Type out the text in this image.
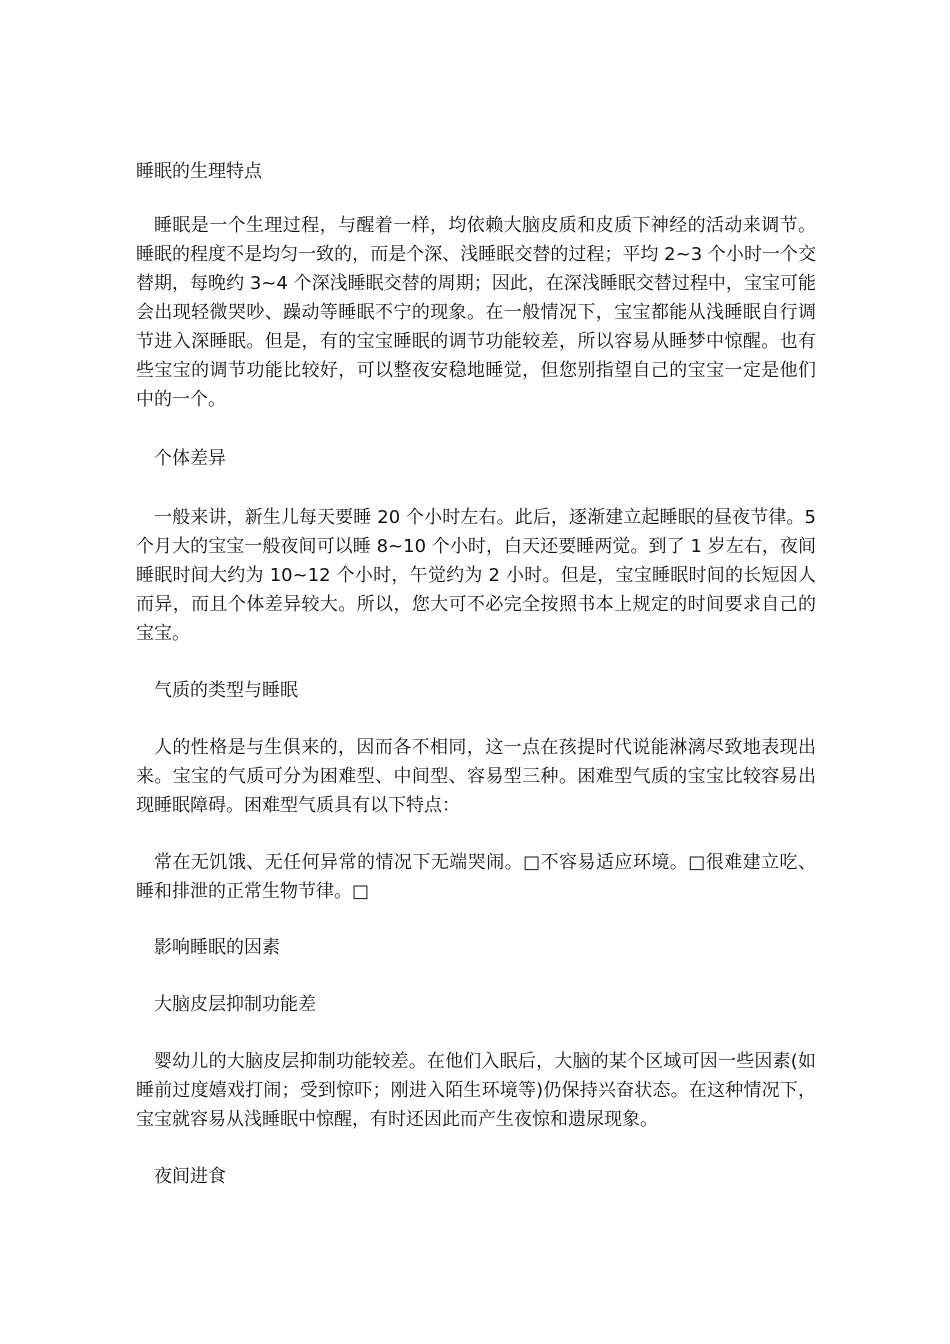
睡眠的生理特点
睡眠是一个生理过程，与醒着一样，均依赖大脑皮质和皮质下神经的活动来调节。睡眠的程度不是均匀一致的，而是个深、浅睡眠交替的过程；平均 2~3 个小时一个交替期，每晚约 3~4 个深浅睡眠交替的周期；因此，在深浅睡眠交替过程中，宝宝可能会出现轻微哭吵、躁动等睡眠不宁的现象。在一般情况下，宝宝都能从浅睡眠自行调节进入深睡眠。但是，有的宝宝睡眠的调节功能较差，所以容易从睡梦中惊醒。也有些宝宝的调节功能比较好，可以整夜安稳地睡觉，但您别指望自己的宝宝一定是他们中的一个。
个体差异
一般来讲，新生儿每天要睡 20 个小时左右。此后，逐渐建立起睡眠的昼夜节律。5 个月大的宝宝一般夜间可以睡 8~10 个小时，白天还要睡两觉。到了 1 岁左右，夜间睡眠时间大约为 10~12 个小时，午觉约为 2 小时。但是，宝宝睡眠时间的长短因人而异，而且个体差异较大。所以，您大可不必完全按照书本上规定的时间要求自己的宝宝。
气质的类型与睡眠
人的性格是与生俱来的，因而各不相同，这一点在孩提时代说能淋漓尽致地表现出来。宝宝的气质可分为困难型、中间型、容易型三种。困难型气质的宝宝比较容易出现睡眠障碍。困难型气质具有以下特点：
常在无饥饿、无任何异常的情况下无端哭闹。□不容易适应环境。□很难建立吃、睡和排泄的正常生物节律。□
影响睡眠的因素
大脑皮层抑制功能差
婴幼儿的大脑皮层抑制功能较差。在他们入眠后，大脑的某个区域可因一些因素(如睡前过度嬉戏打闹；受到惊吓；刚进入陌生环境等)仍保持兴奋状态。在这种情况下，宝宝就容易从浅睡眠中惊醒，有时还因此而产生夜惊和遗尿现象。
夜间进食
